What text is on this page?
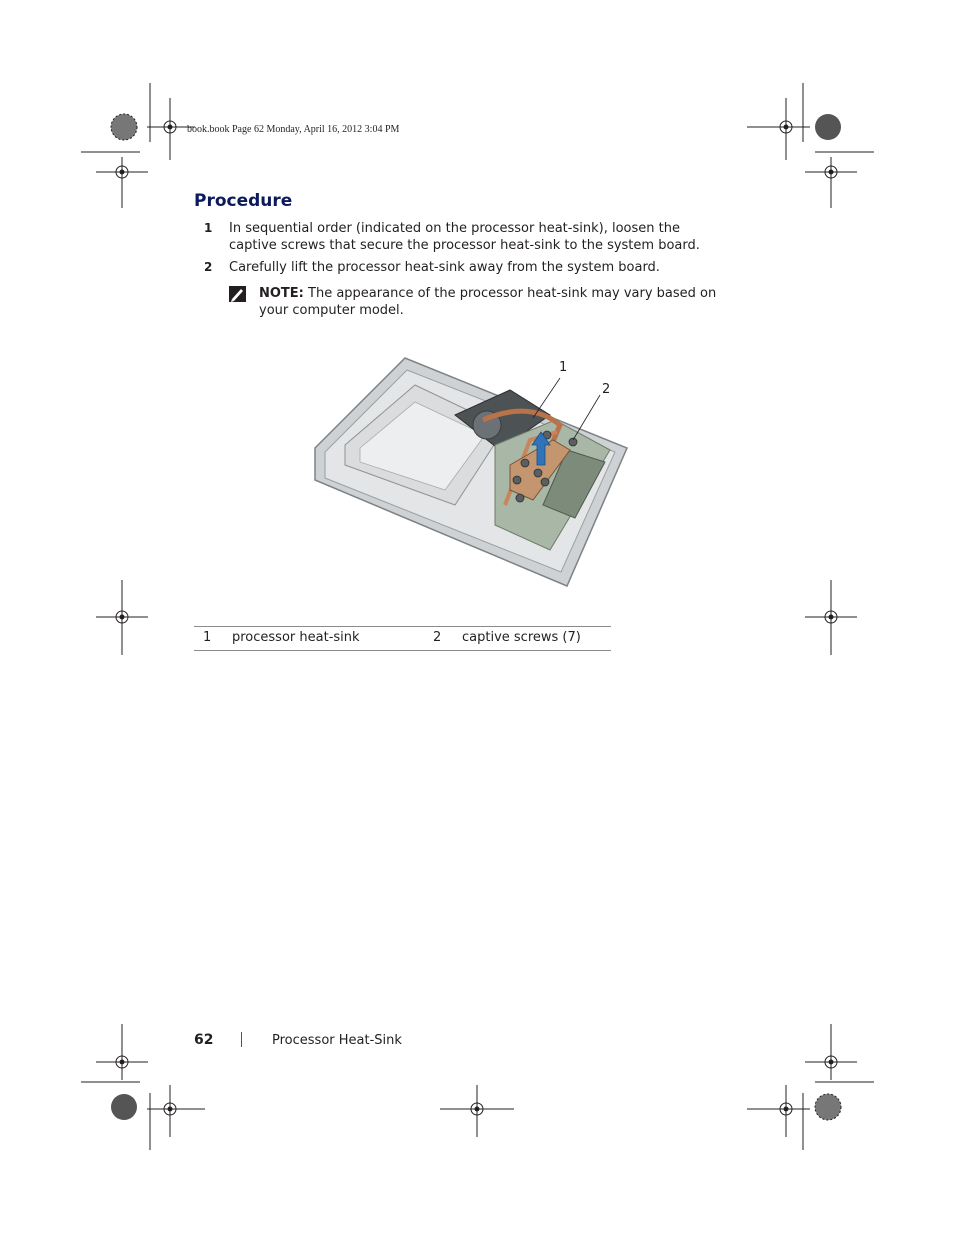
book.book Page 62 Monday, April 16, 2012 3:04 PM
Procedure
1	In sequential order (indicated on the processor heat-sink), loosen the captive screws that secure the processor heat-sink to the system board.
2	Carefully lift the processor heat-sink away from the system board.
NOTE: The appearance of the processor heat-sink may vary based on your computer model.
1
2
1 processor heat-sink	2 captive screws (7)
62	Processor Heat-Sink
